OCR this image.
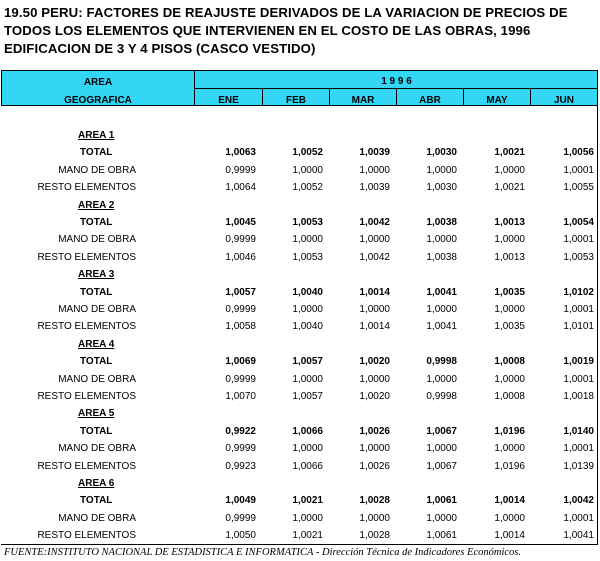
19.50 PERU: FACTORES DE REAJUSTE DERIVADOS DE LA VARIACION DE PRECIOS DE
TODOS LOS ELEMENTOS QUE INTERVIENEN EN EL COSTO DE LAS OBRAS, 1996
EDIFICACION DE 3 Y 4 PISOS (CASCO VESTIDO)
AREA
GEOGRAFICA
1 9 9 6
ENE	FEB	MAR	ABR	MAY	JUN
AREA 1
TOTAL	1,0063	1,0052	1,0039	1,0030	1,0021	1,0056
MANO DE OBRA	0,9999	1,0000	1,0000	1,0000	1,0000	1,0001
RESTO ELEMENTOS	1,0064	1,0052	1,0039	1,0030	1,0021	1,0055
AREA 2
TOTAL	1,0045	1,0053	1,0042	1,0038	1,0013	1,0054
MANO DE OBRA	0,9999	1,0000	1,0000	1,0000	1,0000	1,0001
RESTO ELEMENTOS	1,0046	1,0053	1,0042	1,0038	1,0013	1,0053
AREA 3
TOTAL	1,0057	1,0040	1,0014	1,0041	1,0035	1,0102
MANO DE OBRA	0,9999	1,0000	1,0000	1,0000	1,0000	1,0001
RESTO ELEMENTOS	1,0058	1,0040	1,0014	1,0041	1,0035	1,0101
AREA 4
TOTAL	1,0069	1,0057	1,0020	0,9998	1,0008	1,0019
MANO DE OBRA	0,9999	1,0000	1,0000	1,0000	1,0000	1,0001
RESTO ELEMENTOS	1,0070	1,0057	1,0020	0,9998	1,0008	1,0018
AREA 5
TOTAL	0,9922	1,0066	1,0026	1,0067	1,0196	1,0140
MANO DE OBRA	0,9999	1,0000	1,0000	1,0000	1,0000	1,0001
RESTO ELEMENTOS	0,9923	1,0066	1,0026	1,0067	1,0196	1,0139
AREA 6
TOTAL	1,0049	1,0021	1,0028	1,0061	1,0014	1,0042
MANO DE OBRA	0,9999	1,0000	1,0000	1,0000	1,0000	1,0001
RESTO ELEMENTOS	1,0050	1,0021	1,0028	1,0061	1,0014	1,0041
FUENTE:INSTITUTO NACIONAL DE ESTADISTICA E INFORMATICA - Dirección Técnica de Indicadores Económicos.
